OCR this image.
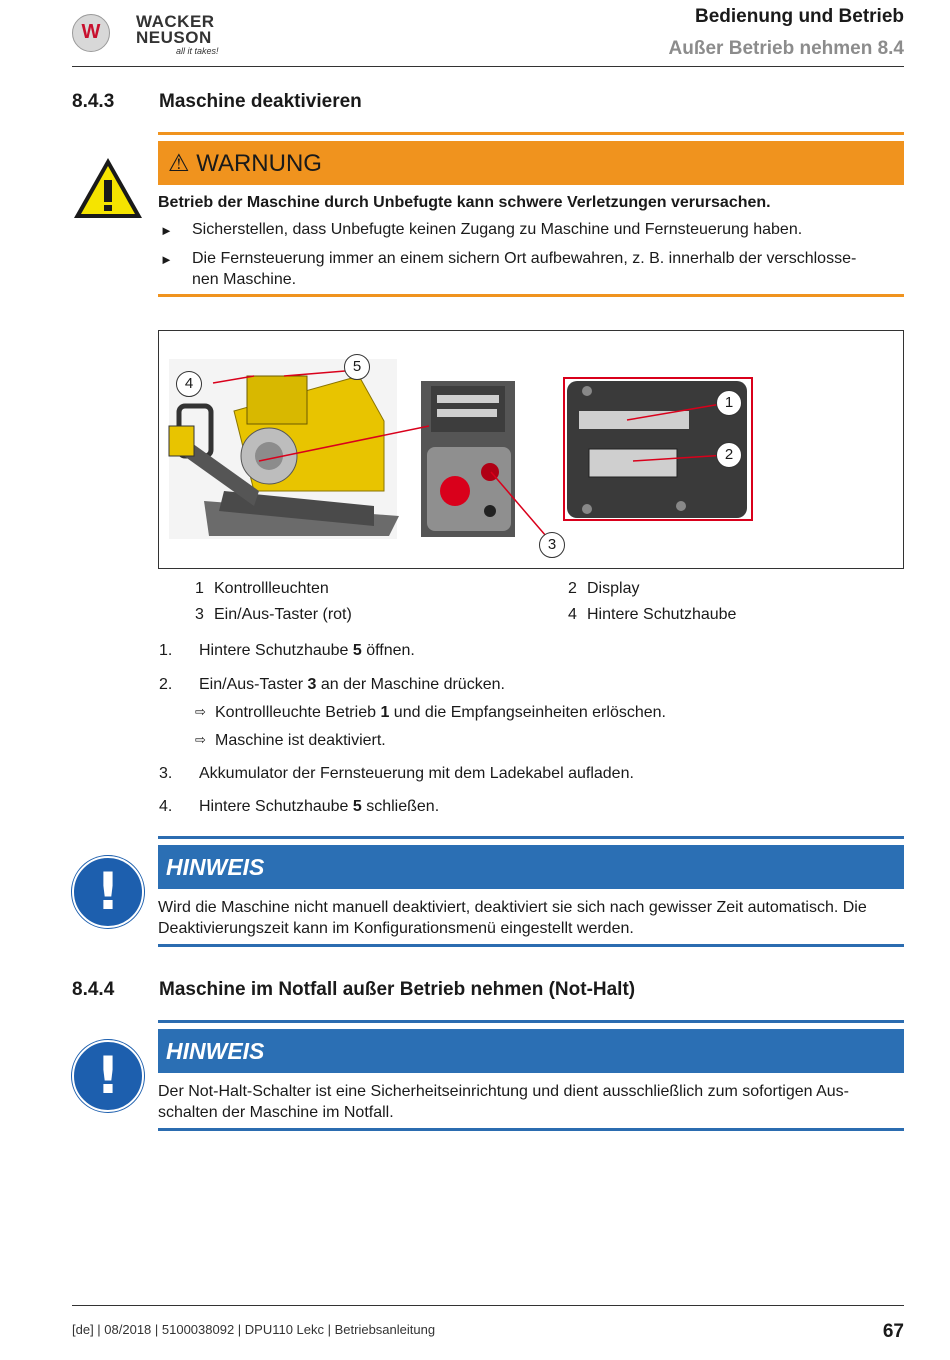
W	WACKER
NEUSON
all it takes!
Bedienung und Betrieb
Außer Betrieb nehmen 8.4
8.4.3 Maschine deaktivieren
⚠ WARNUNG
Betrieb der Maschine durch Unbefugte kann schwere Verletzungen verursachen.
► Sicherstellen, dass Unbefugte keinen Zugang zu Maschine und Fernsteuerung haben.
► Die Fernsteuerung immer an einem sichern Ort aufbewahren, z. B. innerhalb der verschlosse-
nen Maschine.
4
5
1
2
3
1 Kontrollleuchten	2 Display
3 Ein/Aus-Taster (rot)	4 Hintere Schutzhaube
1. Hintere Schutzhaube 5 öffnen.
2. Ein/Aus-Taster 3 an der Maschine drücken.
⇨ Kontrollleuchte Betrieb 1 und die Empfangseinheiten erlöschen.
⇨ Maschine ist deaktiviert.
3. Akkumulator der Fernsteuerung mit dem Ladekabel aufladen.
4. Hintere Schutzhaube 5 schließen.
!	HINWEIS
Wird die Maschine nicht manuell deaktiviert, deaktiviert sie sich nach gewisser Zeit automatisch. Die
Deaktivierungszeit kann im Konfigurationsmenü eingestellt werden.
8.4.4 Maschine im Notfall außer Betrieb nehmen (Not-Halt)
!	HINWEIS
Der Not-Halt-Schalter ist eine Sicherheitseinrichtung und dient ausschließlich zum sofortigen Aus-
schalten der Maschine im Notfall.
[de] | 08/2018 | 5100038092 | DPU110 Lekc | Betriebsanleitung	67
